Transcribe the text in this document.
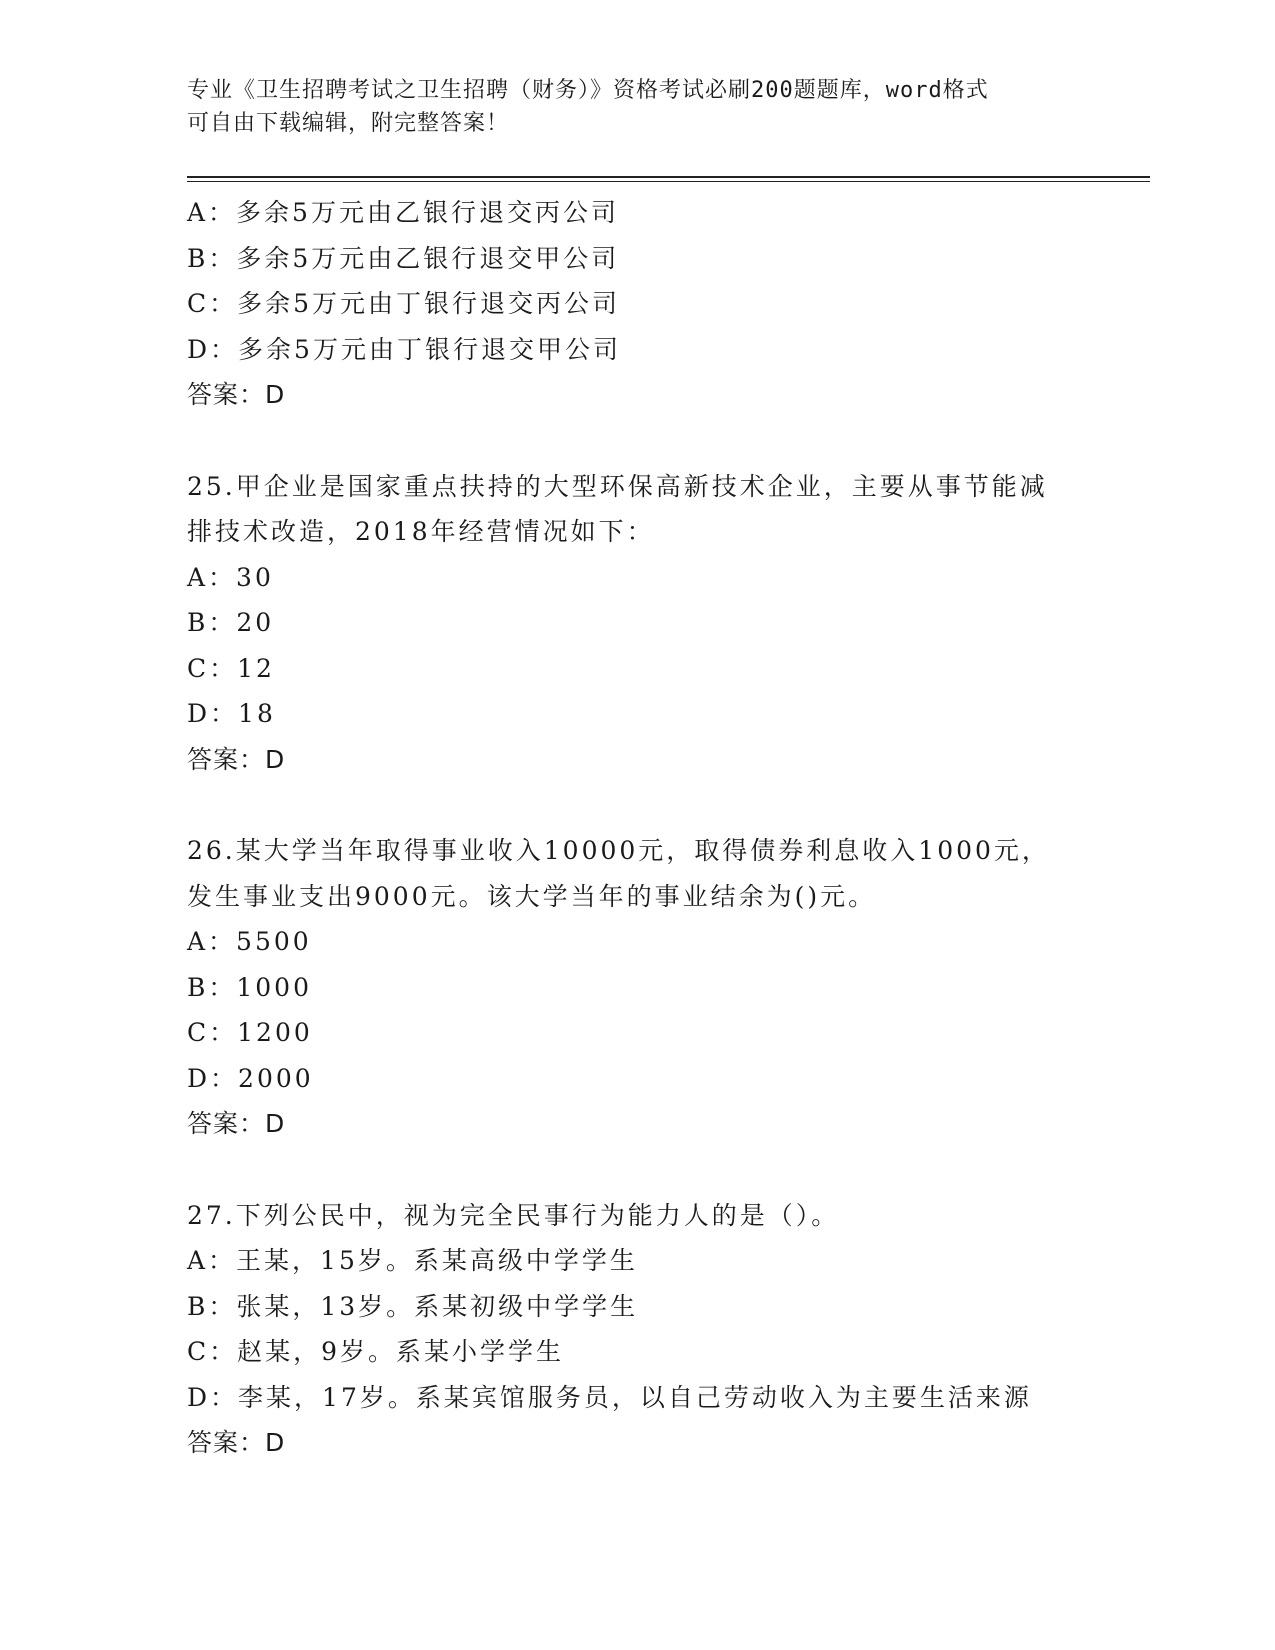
专业《卫生招聘考试之卫生招聘（财务）》资格考试必刷200题题库，word格式
可自由下载编辑，附完整答案！
A：多余5万元由乙银行退交丙公司
B：多余5万元由乙银行退交甲公司
C：多余5万元由丁银行退交丙公司
D：多余5万元由丁银行退交甲公司
答案：D
25.甲企业是国家重点扶持的大型环保高新技术企业，主要从事节能减
排技术改造，2018年经营情况如下：
A：30
B：20
C：12
D：18
答案：D
26.某大学当年取得事业收入10000元，取得债券利息收入1000元，
发生事业支出9000元。该大学当年的事业结余为()元。
A：5500
B：1000
C：1200
D：2000
答案：D
27.下列公民中，视为完全民事行为能力人的是（）。
A：王某，15岁。系某高级中学学生
B：张某，13岁。系某初级中学学生
C：赵某，9岁。系某小学学生
D：李某，17岁。系某宾馆服务员，以自己劳动收入为主要生活来源
答案：D
